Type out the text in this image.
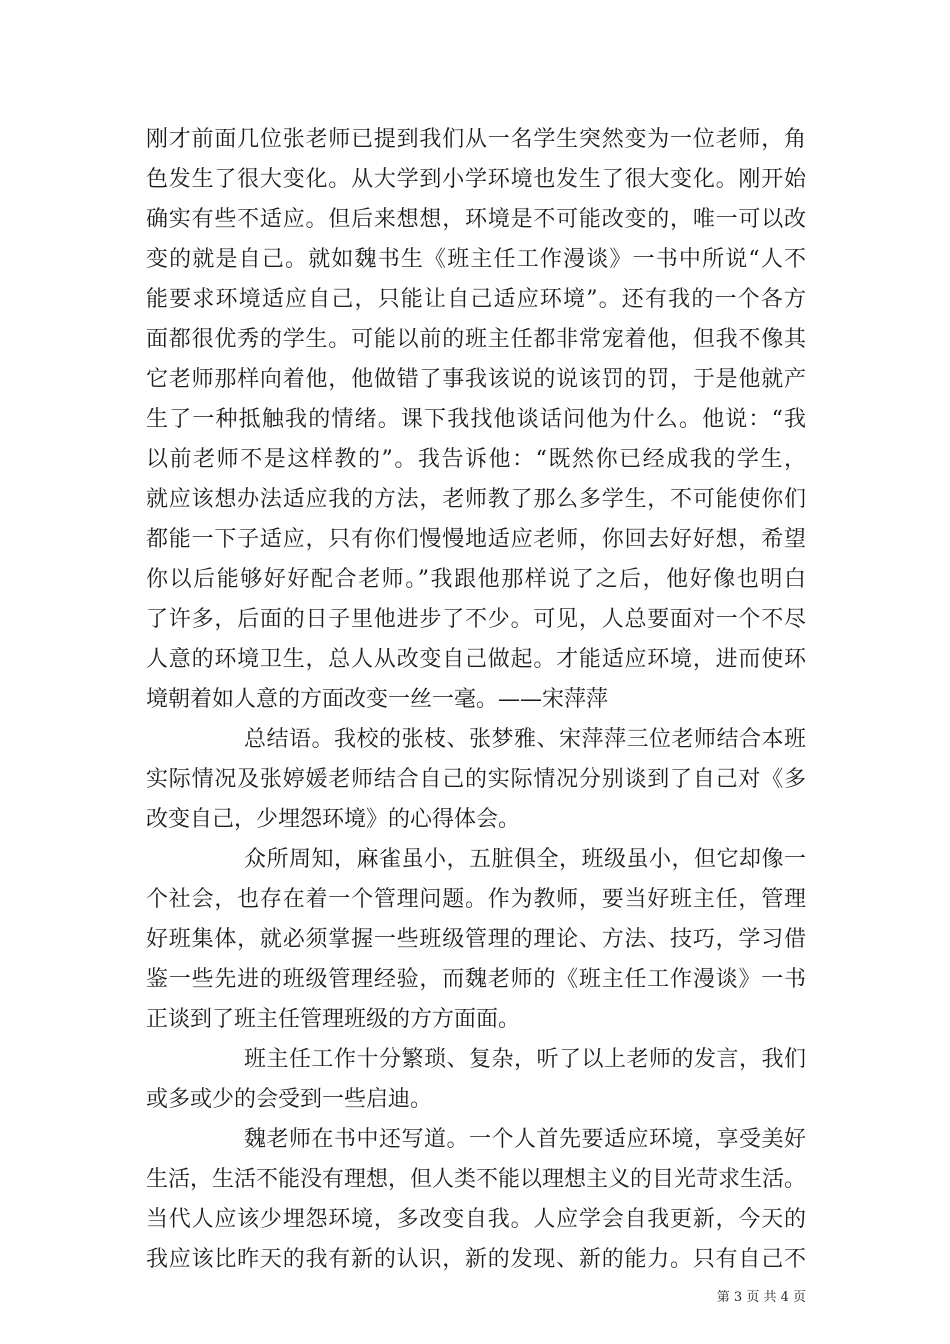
刚才前面几位张老师已提到我们从一名学生突然变为一位老师，角
色发生了很大变化。从大学到小学环境也发生了很大变化。刚开始
确实有些不适应。但后来想想，环境是不可能改变的，唯一可以改
变的就是自己。就如魏书生《班主任工作漫谈》一书中所说“人不
能要求环境适应自己，只能让自己适应环境”。还有我的一个各方
面都很优秀的学生。可能以前的班主任都非常宠着他，但我不像其
它老师那样向着他，他做错了事我该说的说该罚的罚，于是他就产
生了一种抵触我的情绪。课下我找他谈话问他为什么。他说：“我
以前老师不是这样教的”。我告诉他：“既然你已经成我的学生，
就应该想办法适应我的方法，老师教了那么多学生，不可能使你们
都能一下子适应，只有你们慢慢地适应老师，你回去好好想，希望
你以后能够好好配合老师。”我跟他那样说了之后，他好像也明白
了许多，后面的日子里他进步了不少。可见，人总要面对一个不尽
人意的环境卫生，总人从改变自己做起。才能适应环境，进而使环
境朝着如人意的方面改变一丝一毫。——宋萍萍
总结语。我校的张枝、张梦雅、宋萍萍三位老师结合本班
实际情况及张婷媛老师结合自己的实际情况分别谈到了自己对《多
改变自己，少埋怨环境》的心得体会。
众所周知，麻雀虽小，五脏俱全，班级虽小，但它却像一
个社会，也存在着一个管理问题。作为教师，要当好班主任，管理
好班集体，就必须掌握一些班级管理的理论、方法、技巧，学习借
鉴一些先进的班级管理经验，而魏老师的《班主任工作漫谈》一书
正谈到了班主任管理班级的方方面面。
班主任工作十分繁琐、复杂，听了以上老师的发言，我们
或多或少的会受到一些启迪。
魏老师在书中还写道。一个人首先要适应环境，享受美好
生活，生活不能没有理想，但人类不能以理想主义的目光苛求生活。
当代人应该少埋怨环境，多改变自我。人应学会自我更新，今天的
我应该比昨天的我有新的认识，新的发现、新的能力。只有自己不
第 3 页 共 4 页
